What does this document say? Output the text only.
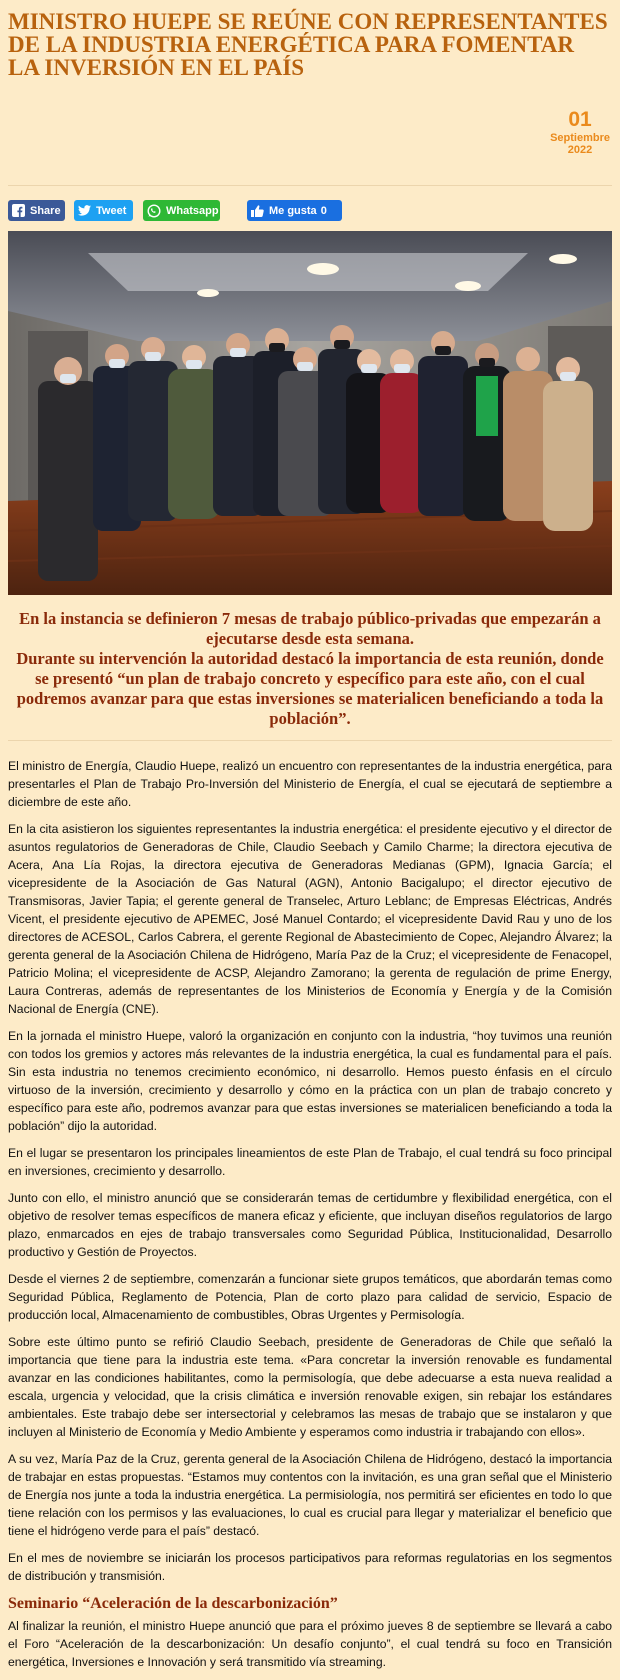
MINISTRO HUEPE SE REÚNE CON REPRESENTANTES DE LA INDUSTRIA ENERGÉTICA PARA FOMENTAR LA INVERSIÓN EN EL PAÍS
01
Septiembre
2022
Share	Tweet	Whatsapp	Me gusta 0
En la instancia se definieron 7 mesas de trabajo público-privadas que empezarán a ejecutarse desde esta semana.
Durante su intervención la autoridad destacó la importancia de esta reunión, donde se presentó “un plan de trabajo concreto y específico para este año, con el cual podremos avanzar para que estas inversiones se materialicen beneficiando a toda la población”.

El ministro de Energía, Claudio Huepe, realizó un encuentro con representantes de la industria energética, para presentarles el Plan de Trabajo Pro-Inversión del Ministerio de Energía, el cual se ejecutará de septiembre a diciembre de este año.

En la cita asistieron los siguientes representantes la industria energética: el presidente ejecutivo y el director de asuntos regulatorios de Generadoras de Chile, Claudio Seebach y Camilo Charme; la directora ejecutiva de Acera, Ana Lía Rojas, la directora ejecutiva de Generadoras Medianas (GPM), Ignacia García; el vicepresidente de la Asociación de Gas Natural (AGN), Antonio Bacigalupo; el director ejecutivo de Transmisoras, Javier Tapia; el gerente general de Transelec, Arturo Leblanc; de Empresas Eléctricas, Andrés Vicent, el presidente ejecutivo de APEMEC, José Manuel Contardo; el vicepresidente David Rau y uno de los directores de ACESOL, Carlos Cabrera, el gerente Regional de Abastecimiento de Copec, Alejandro Álvarez; la gerenta general de la Asociación Chilena de Hidrógeno, María Paz de la Cruz; el vicepresidente de Fenacopel, Patricio Molina; el vicepresidente de ACSP, Alejandro Zamorano; la gerenta de regulación de prime Energy, Laura Contreras, además de representantes de los Ministerios de Economía y Energía y de la Comisión Nacional de Energía (CNE).

En la jornada el ministro Huepe, valoró la organización en conjunto con la industria, “hoy tuvimos una reunión con todos los gremios y actores más relevantes de la industria energética, la cual es fundamental para el país. Sin esta industria no tenemos crecimiento económico, ni desarrollo. Hemos puesto énfasis en el círculo virtuoso de la inversión, crecimiento y desarrollo y cómo en la práctica con un plan de trabajo concreto y específico para este año, podremos avanzar para que estas inversiones se materialicen beneficiando a toda la población” dijo la autoridad.

En el lugar se presentaron los principales lineamientos de este Plan de Trabajo, el cual tendrá su foco principal en inversiones, crecimiento y desarrollo.

Junto con ello, el ministro anunció que se considerarán temas de certidumbre y flexibilidad energética, con el objetivo de resolver temas específicos de manera eficaz y eficiente, que incluyan diseños regulatorios de largo plazo, enmarcados en ejes de trabajo transversales como Seguridad Pública, Institucionalidad, Desarrollo productivo y Gestión de Proyectos.

Desde el viernes 2 de septiembre, comenzarán a funcionar siete grupos temáticos, que abordarán temas como Seguridad Pública, Reglamento de Potencia, Plan de corto plazo para calidad de servicio, Espacio de producción local, Almacenamiento de combustibles, Obras Urgentes y Permisología.

Sobre este último punto se refirió Claudio Seebach, presidente de Generadoras de Chile que señaló la importancia que tiene para la industria este tema. «Para concretar la inversión renovable es fundamental avanzar en las condiciones habilitantes, como la permisología, que debe adecuarse a esta nueva realidad a escala, urgencia y velocidad, que la crisis climática e inversión renovable exigen, sin rebajar los estándares ambientales. Este trabajo debe ser intersectorial y celebramos las mesas de trabajo que se instalaron y que incluyen al Ministerio de Economía y Medio Ambiente y esperamos como industria ir trabajando con ellos».

A su vez, María Paz de la Cruz, gerenta general de la Asociación Chilena de Hidrógeno, destacó la importancia de trabajar en estas propuestas. “Estamos muy contentos con la invitación, es una gran señal que el Ministerio de Energía nos junte a toda la industria energética. La permisiología, nos permitirá ser eficientes en todo lo que tiene relación con los permisos y las evaluaciones, lo cual es crucial para llegar y materializar el beneficio que tiene el hidrógeno verde para el país” destacó.

En el mes de noviembre se iniciarán los procesos participativos para reformas regulatorias en los segmentos de distribución y transmisión.

Seminario “Aceleración de la descarbonización”

Al finalizar la reunión, el ministro Huepe anunció que para el próximo jueves 8 de septiembre se llevará a cabo el Foro “Aceleración de la descarbonización: Un desafío conjunto”, el cual tendrá su foco en Transición energética, Inversiones e Innovación y será transmitido vía streaming.
